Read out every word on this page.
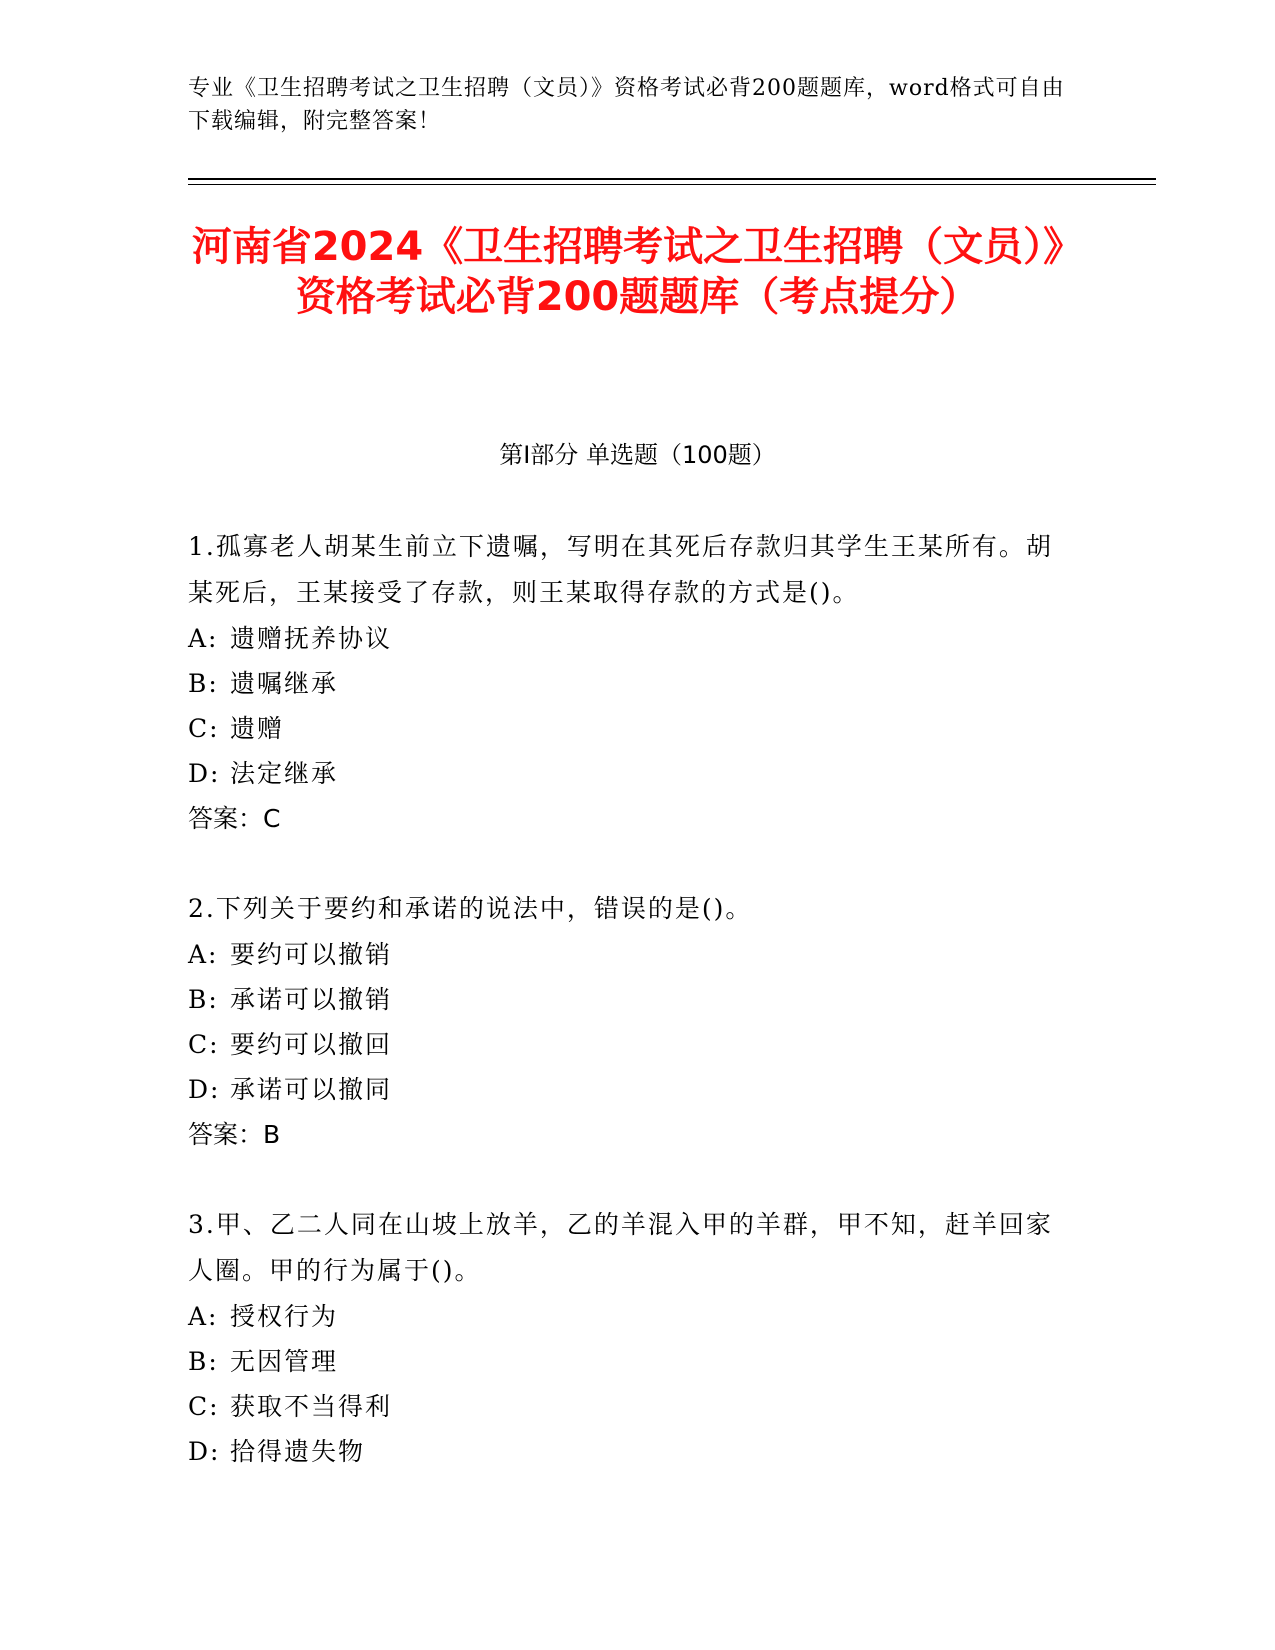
专业《卫生招聘考试之卫生招聘（文员）》资格考试必背200题题库，word格式可自由下载编辑，附完整答案！
河南省2024《卫生招聘考试之卫生招聘（文员）》资格考试必背200题题库（考点提分）
第I部分 单选题（100题）
1.孤寡老人胡某生前立下遗嘱，写明在其死后存款归其学生王某所有。胡某死后，王某接受了存款，则王某取得存款的方式是()。
A: 遗赠抚养协议
B: 遗嘱继承
C: 遗赠
D: 法定继承
答案：C
2.下列关于要约和承诺的说法中，错误的是()。
A: 要约可以撤销
B: 承诺可以撤销
C: 要约可以撤回
D: 承诺可以撤同
答案：B
3.甲、乙二人同在山坡上放羊，乙的羊混入甲的羊群，甲不知，赶羊回家人圈。甲的行为属于()。
A: 授权行为
B: 无因管理
C: 获取不当得利
D: 拾得遗失物
